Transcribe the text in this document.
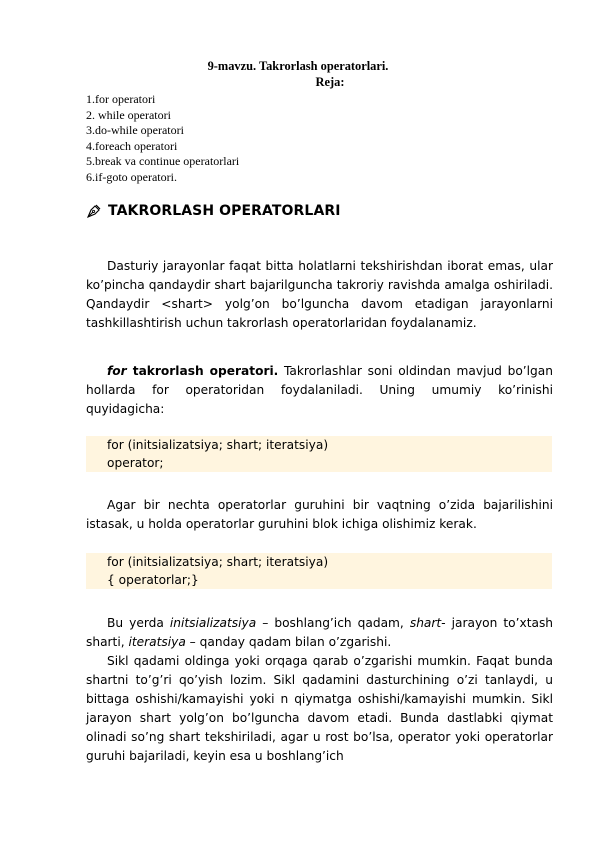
9-mavzu. Takrorlash operatorlari.
Reja:
1.for operatori
2. while operatori
3.do-while operatori
4.foreach operatori
5.break va continue operatorlari
6.if-goto operatori.
TAKRORLASH OPERATORLARI
Dasturiy jarayonlar faqat bitta holatlarni tekshirishdan iborat emas, ular ko’pincha qandaydir shart bajarilguncha takroriy ravishda amalga oshiriladi. Qandaydir <shart> yolg’on bo’lguncha davom etadigan jarayonlarni tashkillashtirish uchun takrorlash operatorlaridan foydalanamiz.
for takrorlash operatori. Takrorlashlar soni oldindan mavjud bo’lgan hollarda for operatoridan foydalaniladi. Uning umumiy ko’rinishi quyidagicha:
for (initsializatsiya; shart; iteratsiya)
operator;
Agar bir nechta operatorlar guruhini bir vaqtning o’zida bajarilishini istasak, u holda operatorlar guruhini blok ichiga olishimiz kerak.
for (initsializatsiya; shart; iteratsiya)
{ operatorlar;}
Bu yerda initsializatsiya – boshlang’ich qadam, shart- jarayon to’xtash sharti, iteratsiya – qanday qadam bilan o’zgarishi.
Sikl qadami oldinga yoki orqaga qarab o’zgarishi mumkin. Faqat bunda shartni to’g’ri qo’yish lozim. Sikl qadamini dasturchining o’zi tanlaydi, u bittaga oshishi/kamayishi yoki n qiymatga oshishi/kamayishi mumkin. Sikl jarayon shart yolg’on bo’lguncha davom etadi. Bunda dastlabki qiymat olinadi so’ng shart tekshiriladi, agar u rost bo’lsa, operator yoki operatorlar guruhi bajariladi, keyin esa u boshlang’ich
